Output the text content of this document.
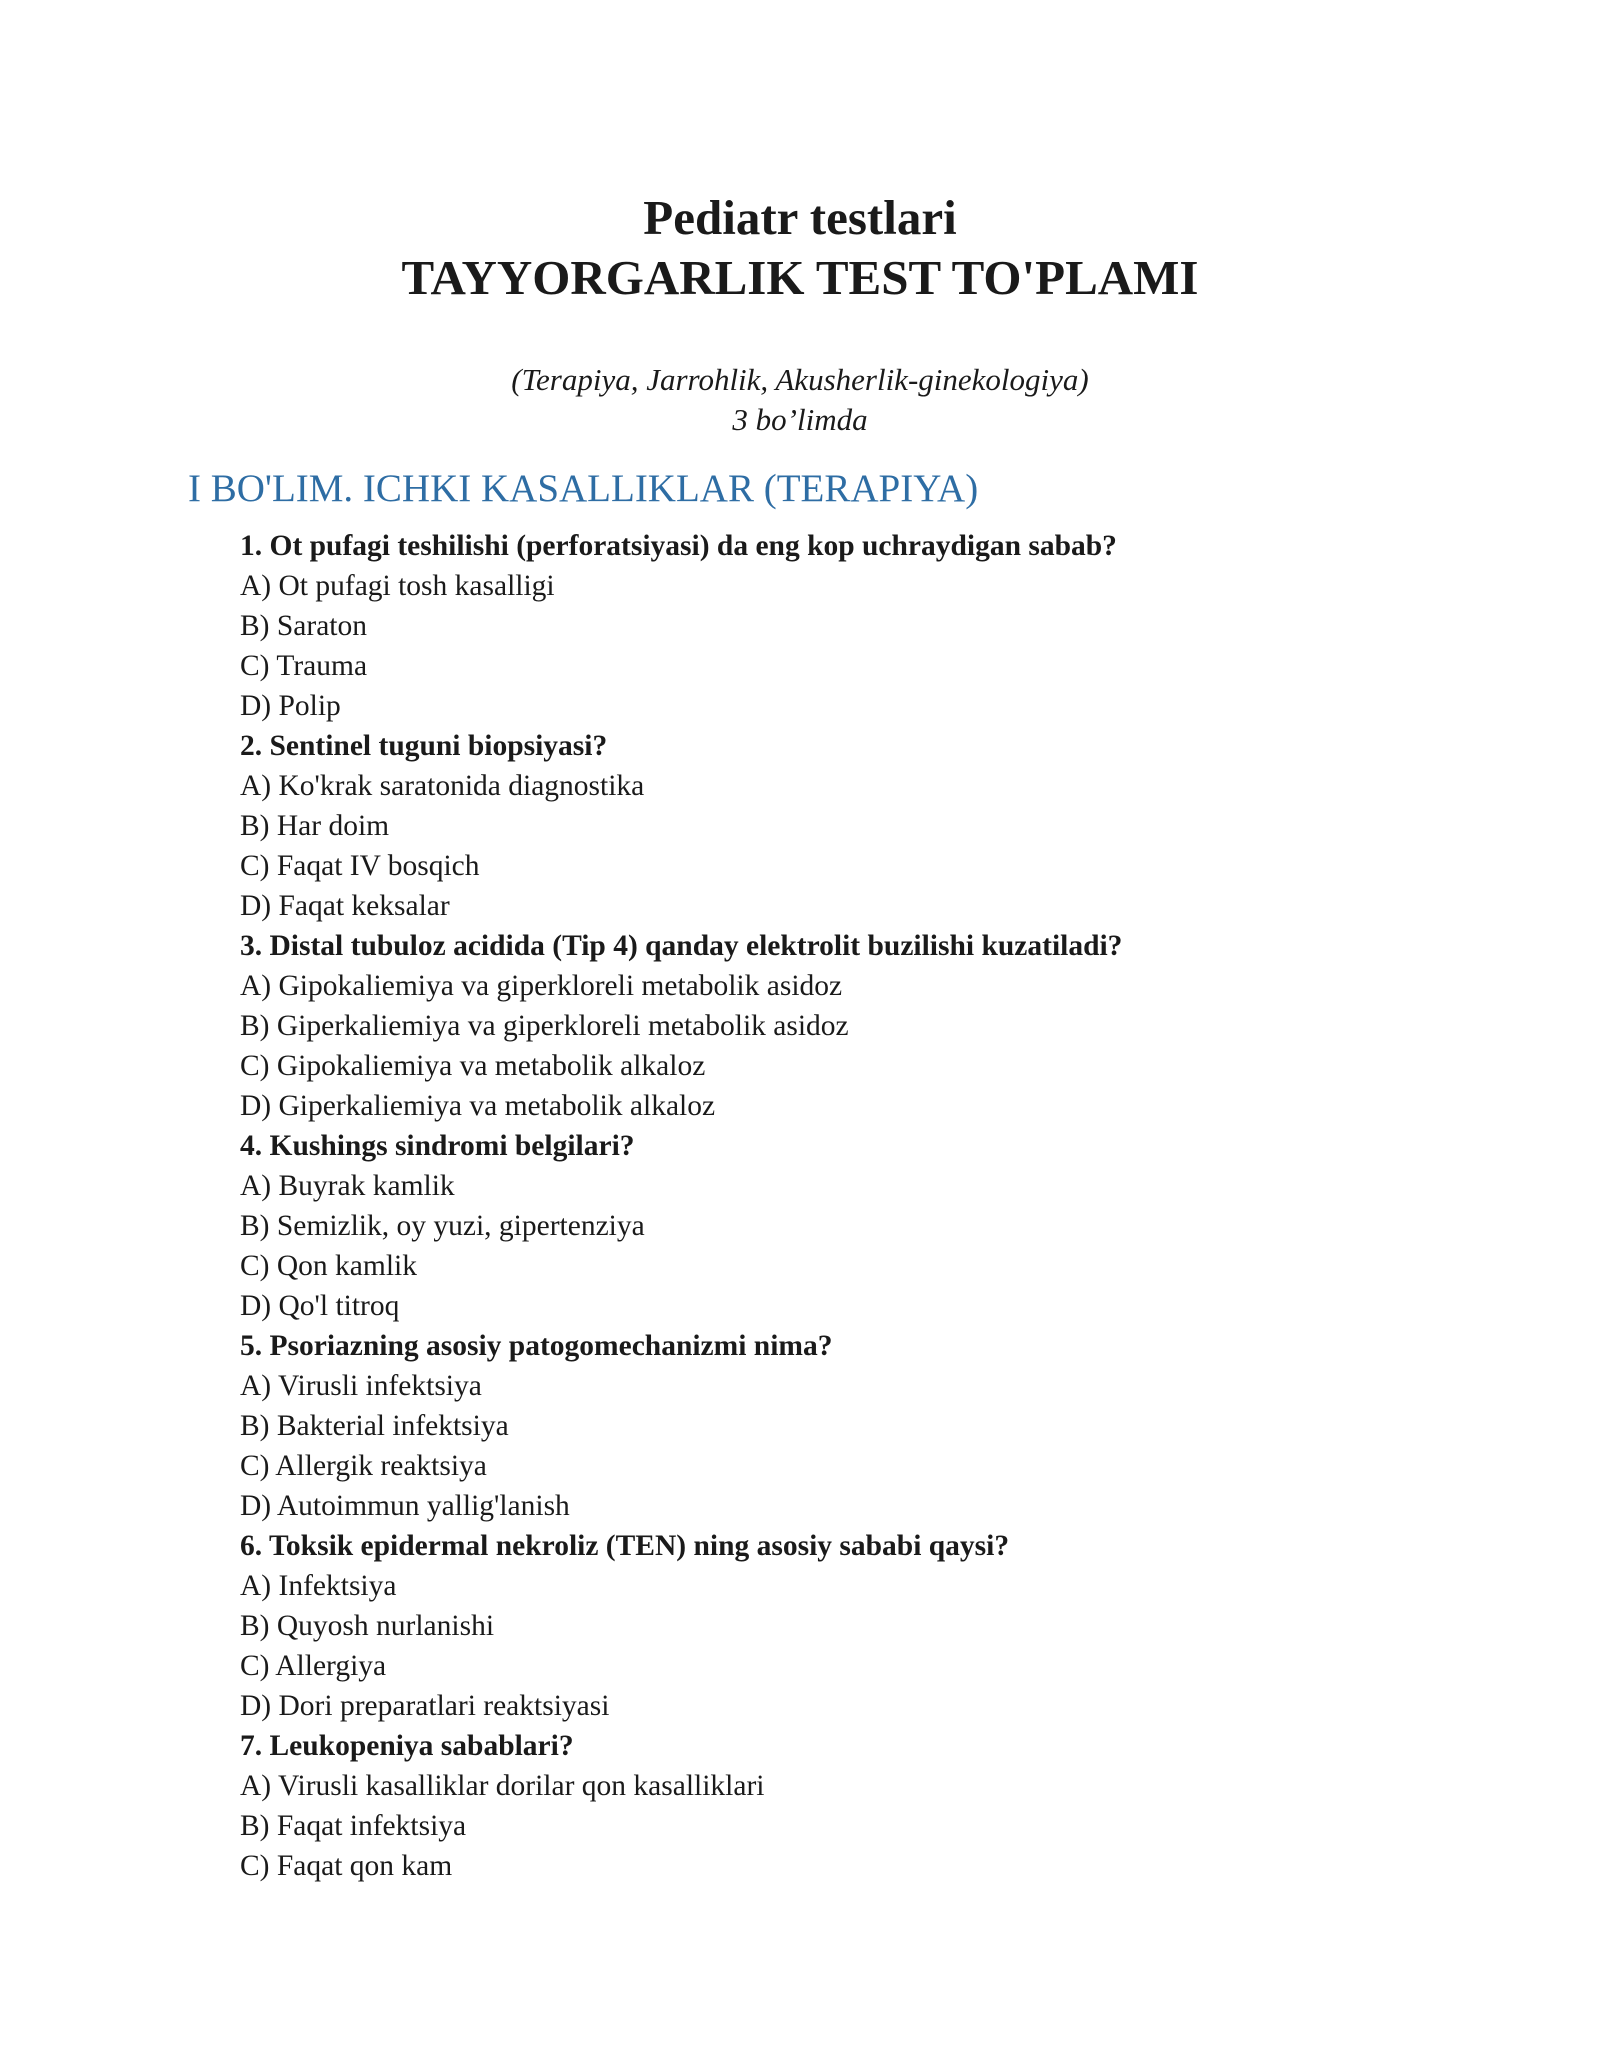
Pediatr testlari
TAYYORGARLIK TEST TO'PLAMI
(Terapiya, Jarrohlik, Akusherlik-ginekologiya)
3 bo’limda
I BO'LIM. ICHKI KASALLIKLAR (TERAPIYA)
1. Ot pufagi teshilishi (perforatsiyasi) da eng kop uchraydigan sabab?
A) Ot pufagi tosh kasalligi
B) Saraton
C) Trauma
D) Polip
2. Sentinel tuguni biopsiyasi?
A) Ko'krak saratonida diagnostika
B) Har doim
C) Faqat IV bosqich
D) Faqat keksalar
3. Distal tubuloz acidida (Tip 4) qanday elektrolit buzilishi kuzatiladi?
A) Gipokaliemiya va giperkloreli metabolik asidoz
B) Giperkaliemiya va giperkloreli metabolik asidoz
C) Gipokaliemiya va metabolik alkaloz
D) Giperkaliemiya va metabolik alkaloz
4. Kushings sindromi belgilari?
A) Buyrak kamlik
B) Semizlik, oy yuzi, gipertenziya
C) Qon kamlik
D) Qo'l titroq
5. Psoriazning asosiy patogomechanizmi nima?
A) Virusli infektsiya
B) Bakterial infektsiya
C) Allergik reaktsiya
D) Autoimmun yallig'lanish
6. Toksik epidermal nekroliz (TEN) ning asosiy sababi qaysi?
A) Infektsiya
B) Quyosh nurlanishi
C) Allergiya
D) Dori preparatlari reaktsiyasi
7. Leukopeniya sabablari?
A) Virusli kasalliklar dorilar qon kasalliklari
B) Faqat infektsiya
C) Faqat qon kam
